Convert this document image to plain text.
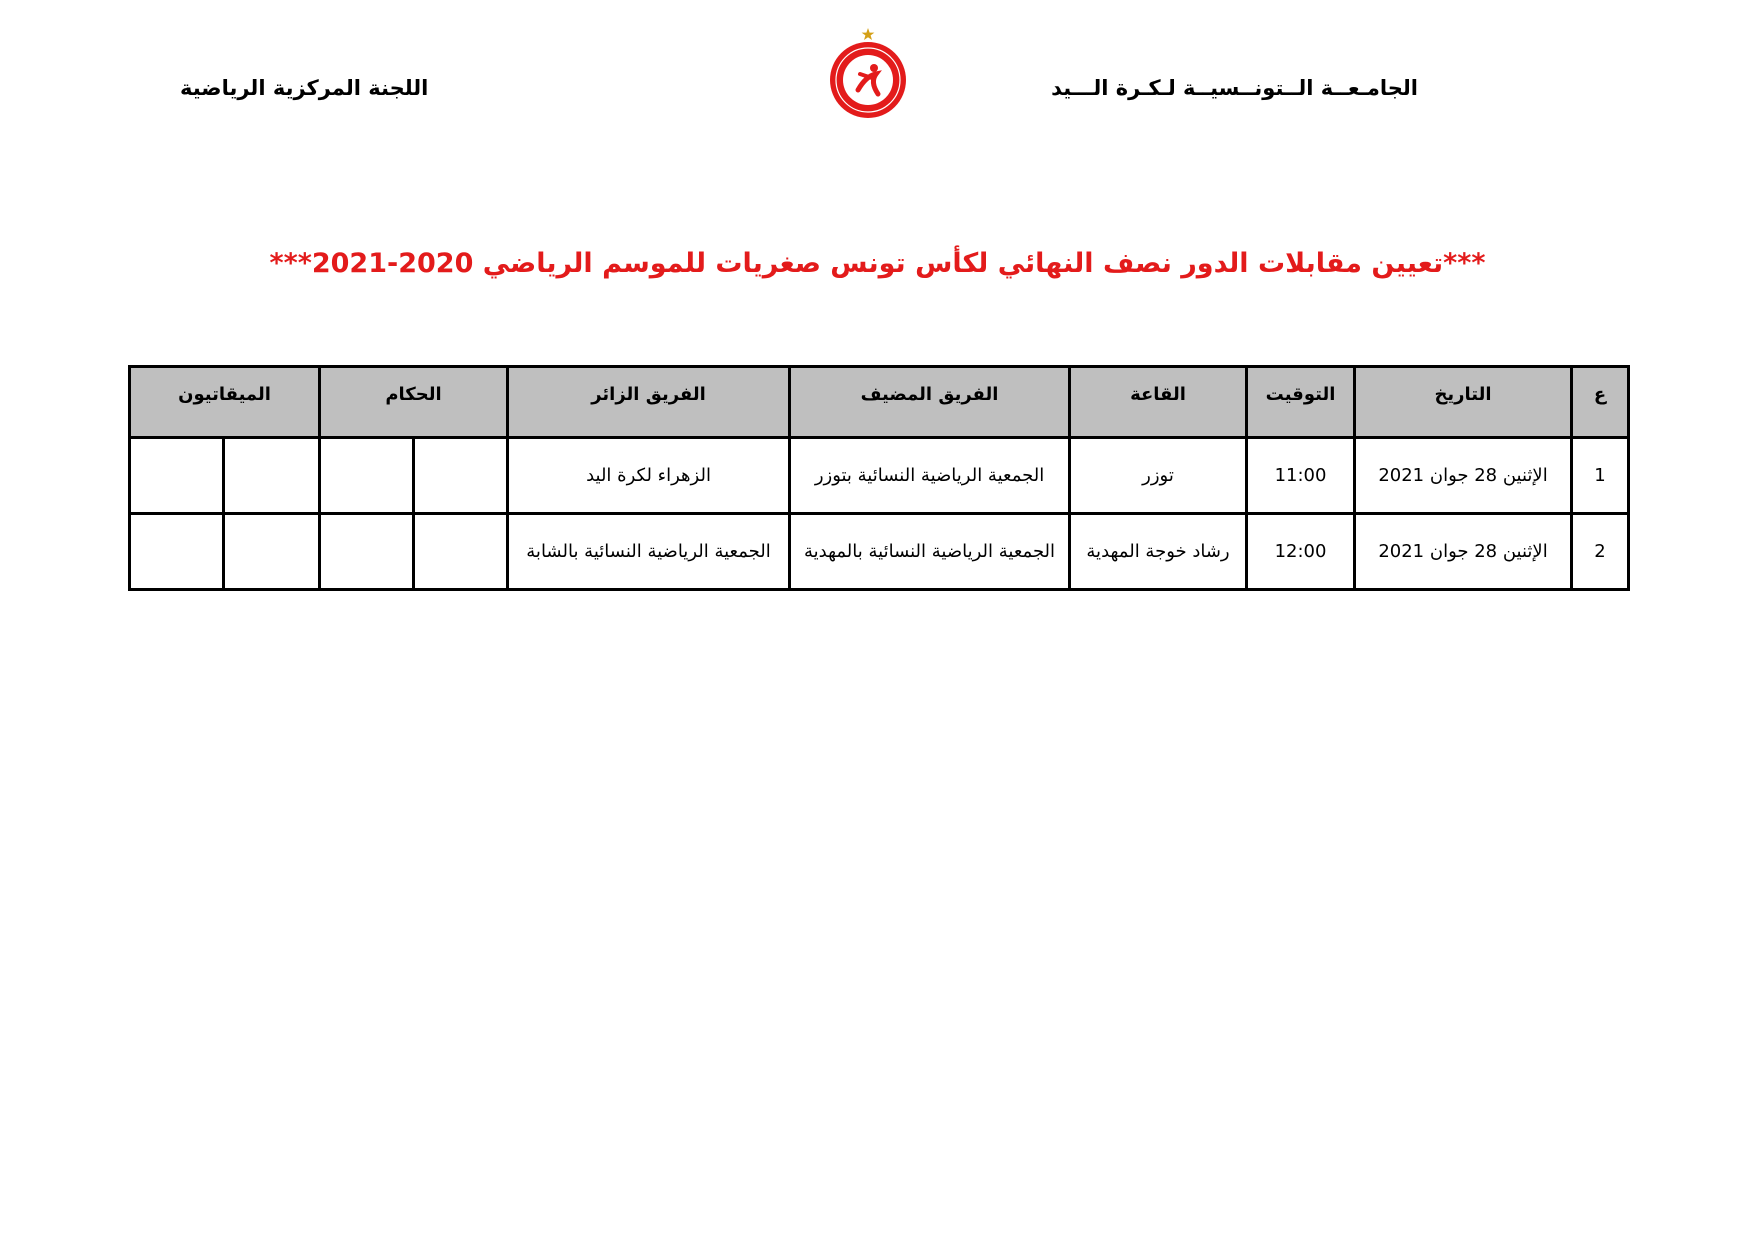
الجامـعــة الــتونــسيــة لـكـرة الـــيد
اللجنة المركزية الرياضية
***تعيين مقابلات الدور نصف النهائي لكأس تونس صغريات للموسم الرياضي 2020-2021***
ع	التاريخ	التوقيت	القاعة	الفريق المضيف	الفريق الزائر	الحكام		الميقاتيون	
1	الإثنين 28 جوان 2021	11:00	توزر	الجمعية الرياضية النسائية بتوزر	الزهراء لكرة اليد				
2	الإثنين 28 جوان 2021	12:00	رشاد خوجة المهدية	الجمعية الرياضية النسائية بالمهدية	الجمعية الرياضية النسائية بالشابة				
